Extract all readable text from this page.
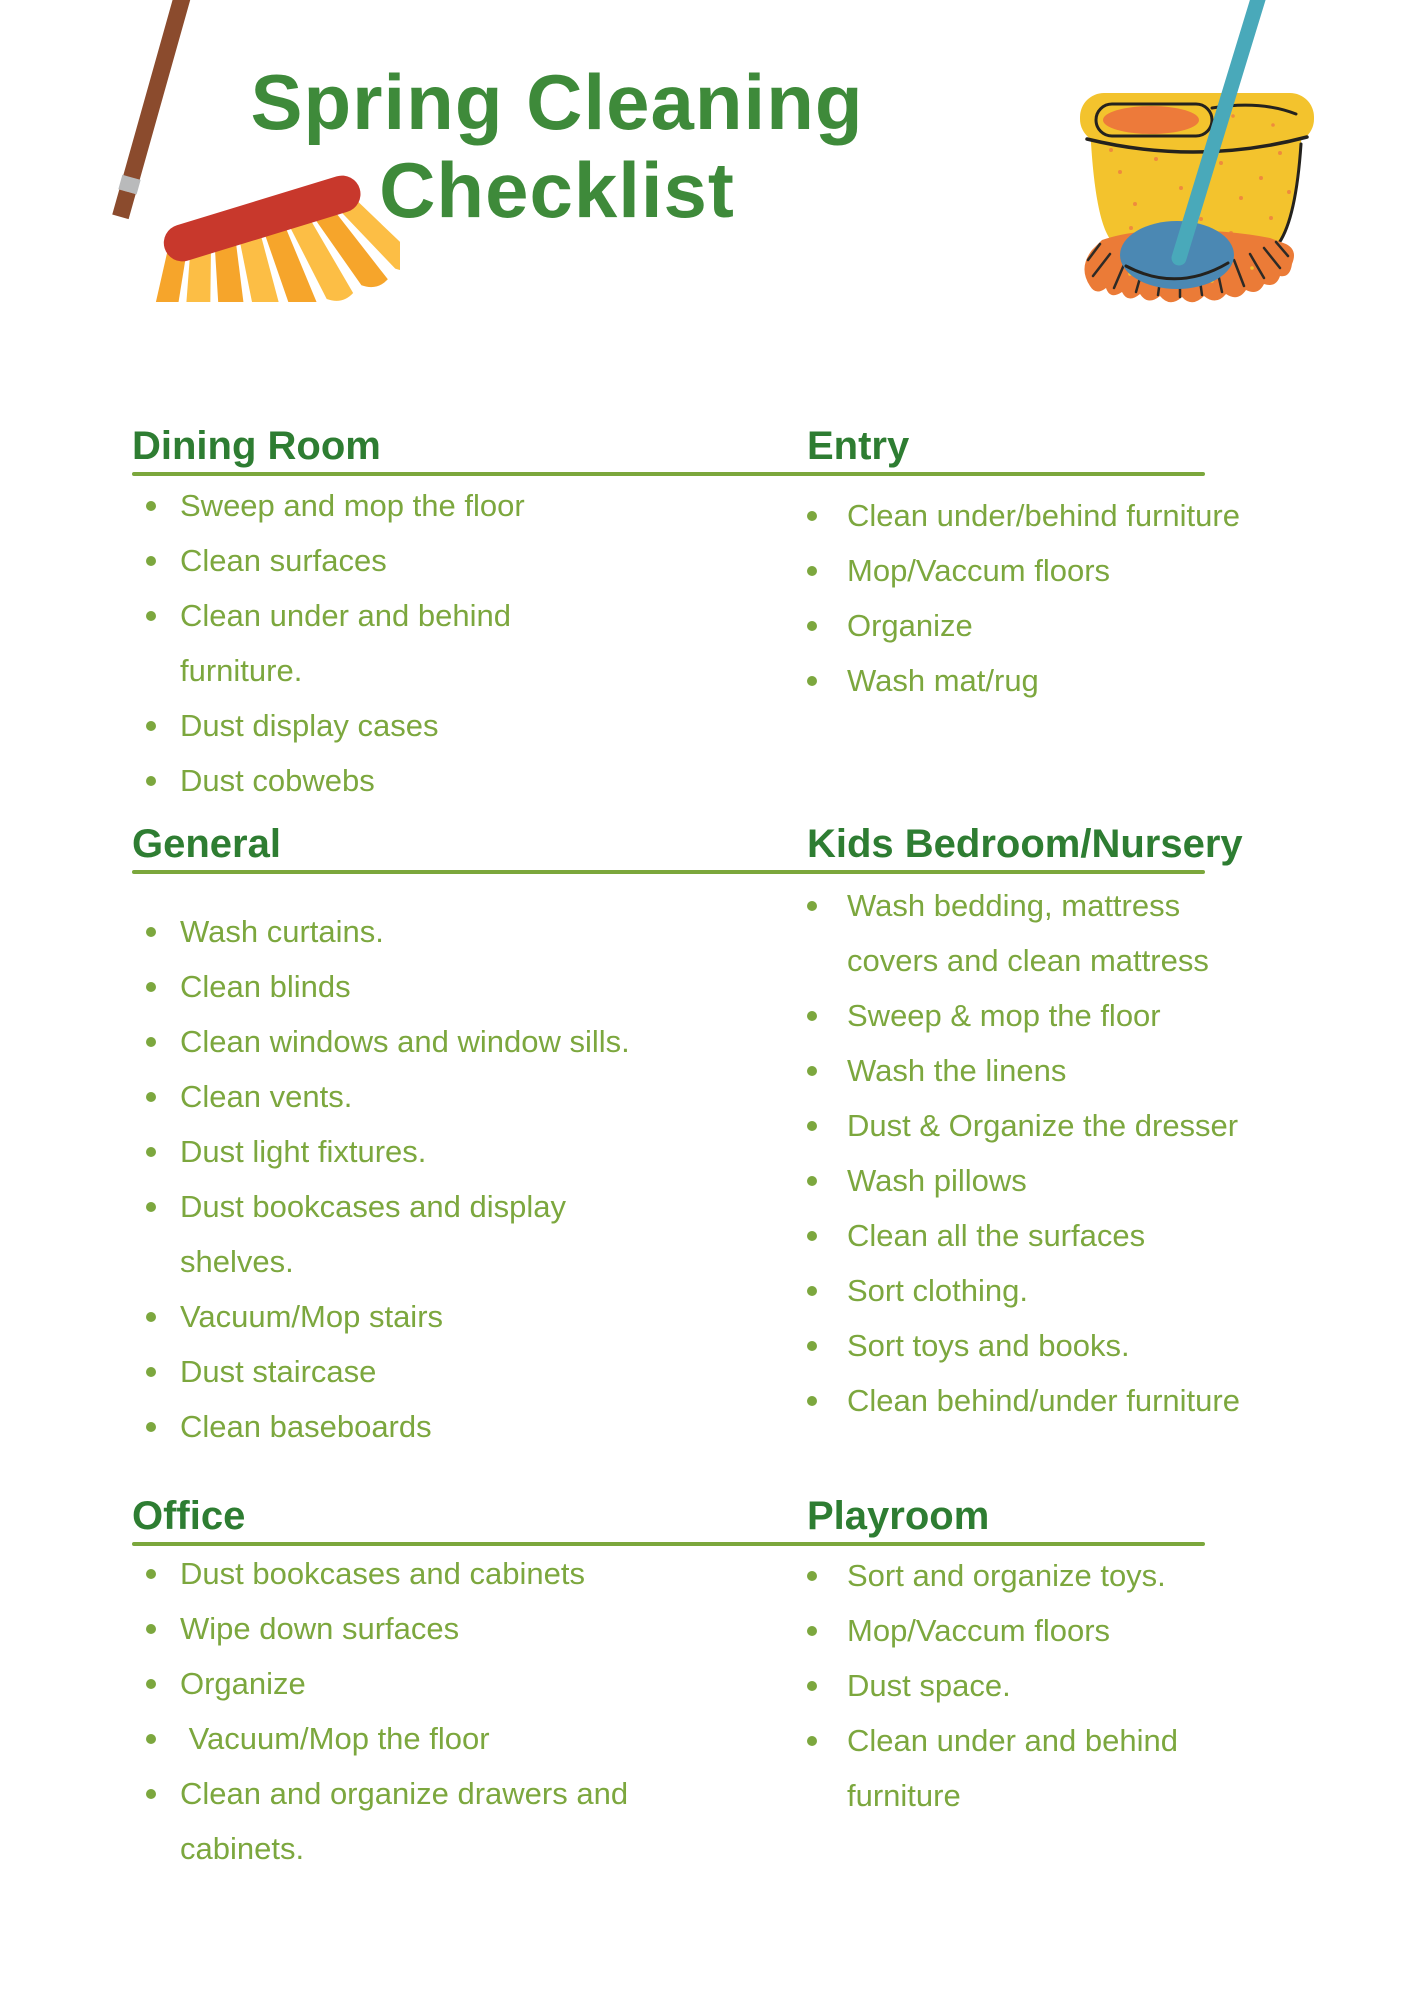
Spring Cleaning
Checklist
Dining Room
Sweep and mop the floor
Clean surfaces
Clean under and behind
furniture.
Dust display cases
Dust cobwebs
Entry
Clean under/behind furniture
Mop/Vaccum floors
Organize
Wash mat/rug
General
Wash curtains.
Clean blinds
Clean windows and window sills.
Clean vents.
Dust light fixtures.
Dust bookcases and display
shelves.
Vacuum/Mop stairs
Dust staircase
Clean baseboards
Kids Bedroom/Nursery
Wash bedding, mattress
covers and clean mattress
Sweep & mop the floor
Wash the linens
Dust & Organize the dresser
Wash pillows
Clean all the surfaces
Sort clothing.
Sort toys and books.
Clean behind/under furniture
Office
Dust bookcases and cabinets
Wipe down surfaces
Organize
Vacuum/Mop the floor
Clean and organize drawers and
cabinets.
Playroom
Sort and organize toys.
Mop/Vaccum floors
Dust space.
Clean under and behind
furniture
